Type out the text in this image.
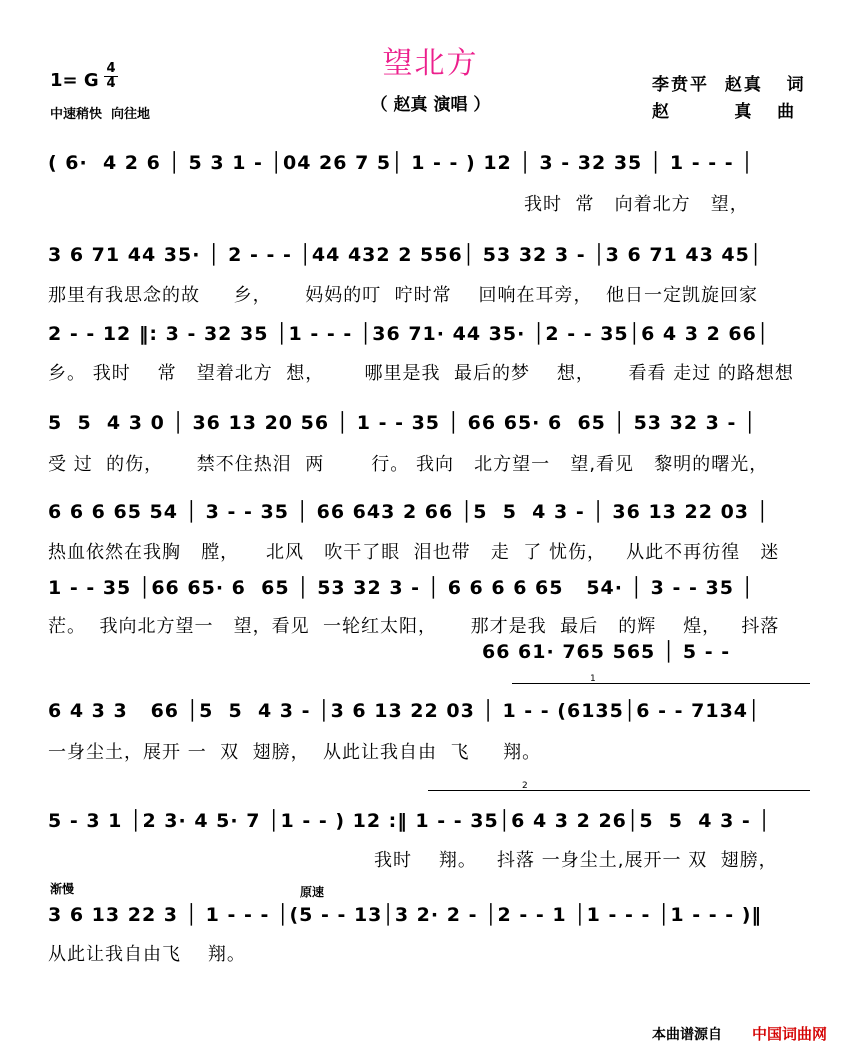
望北方
（ 赵真 演唱 ）
1= G $\frac{4}{4}$
中速稍快  向往地
李贲平  赵真   词
赵        真   曲
( 6·  4 2 6 │ 5 3 1 - │04 26 7 5│ 1 - - ) 12 │ 3 - 32 35 │ 1 - - - │
我时  常   向着北方   望，
3 6 71 44 35· │ 2 - - - │44 432 2 556│ 53 32 3 - │3 6 71 43 45│
那里有我思念的故     乡，     妈妈的叮  咛时常    回响在耳旁，  他日一定凯旋回家
2 - - 12 ‖: 3 - 32 35 │1 - - - │36 71· 44 35· │2 - - 35│6 4 3 2 66│
乡。 我时    常   望着北方  想，      哪里是我  最后的梦    想，     看看 走过 的路想想
5  5  4 3 0 │ 36 13 20 56 │ 1 - - 35 │ 66 65· 6  65 │ 53 32 3 - │
受 过  的伤，     禁不住热泪  两       行。 我向   北方望一   望,看见   黎明的曙光，
6 6 6 65 54 │ 3 - - 35 │ 66 643 2 66 │5  5  4 3 - │ 36 13 22 03 │
热血依然在我胸   膛，    北风   吹干了眼  泪也带   走  了 忧伤，   从此不再彷徨   迷
1 - - 35 │66 65· 6  65 │ 53 32 3 - │ 6 6 6 6 65   54· │ 3 - - 35 │
茫。  我向北方望一   望，看见  一轮红太阳，     那才是我  最后   的辉    煌，   抖落
66 61· 765 565 │ 5 - -
1
6 4 3 3   66 │5  5  4 3 - │3 6 13 22 03 │ 1 - - (6135│6 - - 7134│
一身尘土，展开 一  双  翅膀，  从此让我自由  飞     翔。
2
5 - 3 1 │2 3· 4 5· 7 │1 - - ) 12 :‖ 1 - - 35│6 4 3 2 26│5  5  4 3 - │
我时    翔。   抖落 一身尘土,展开一 双  翅膀，
渐慢	原速
3 6 13 22 3 │ 1 - - - │(5 - - 13│3 2· 2 - │2 - - 1 │1 - - - │1 - - - )‖
从此让我自由飞    翔。
本曲谱源自 中国词曲网
